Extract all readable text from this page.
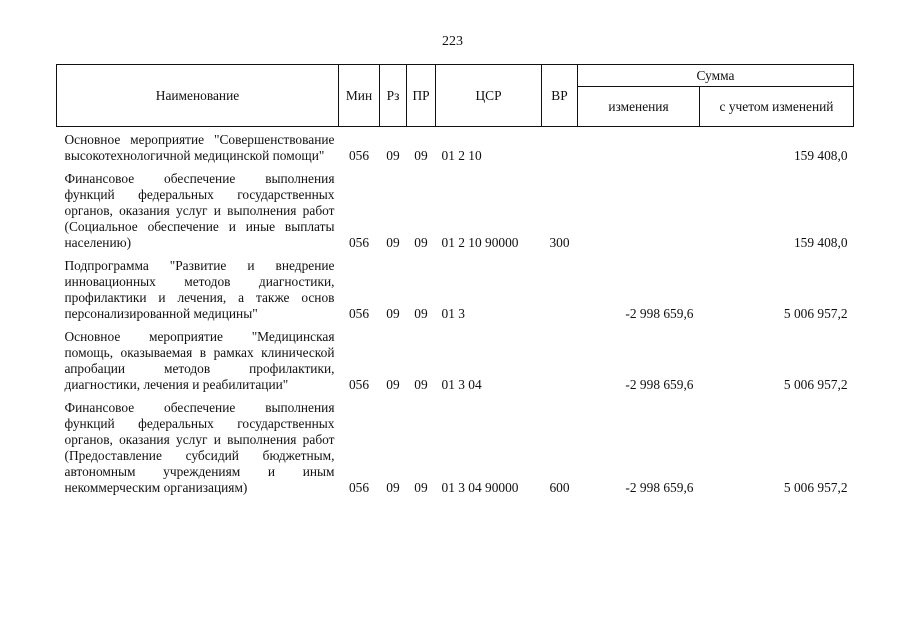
223
Наименование	Мин	Рз	ПР	ЦСР	ВР	Сумма	
						изменения	с учетом изменений
Основное мероприятие "Совершенствование высокотехнологичной медицинской помощи"	056	09	09	01 2 10			159 408,0
Финансовое обеспечение выполнения функций федеральных государственных органов, оказания услуг и выполнения работ (Социальное обеспечение и иные выплаты населению)	056	09	09	01 2 10 90000	300		159 408,0
Подпрограмма "Развитие и внедрение инновационных методов диагностики, профилактики и лечения, а также основ персонализированной медицины"	056	09	09	01 3		-2 998 659,6	5 006 957,2
Основное мероприятие "Медицинская помощь, оказываемая в рамках клинической апробации методов профилактики, диагностики, лечения и реабилитации"	056	09	09	01 3 04		-2 998 659,6	5 006 957,2
Финансовое обеспечение выполнения функций федеральных государственных органов, оказания услуг и выполнения работ (Предоставление субсидий бюджетным, автономным учреждениям и иным некоммерческим организациям)	056	09	09	01 3 04 90000	600	-2 998 659,6	5 006 957,2
